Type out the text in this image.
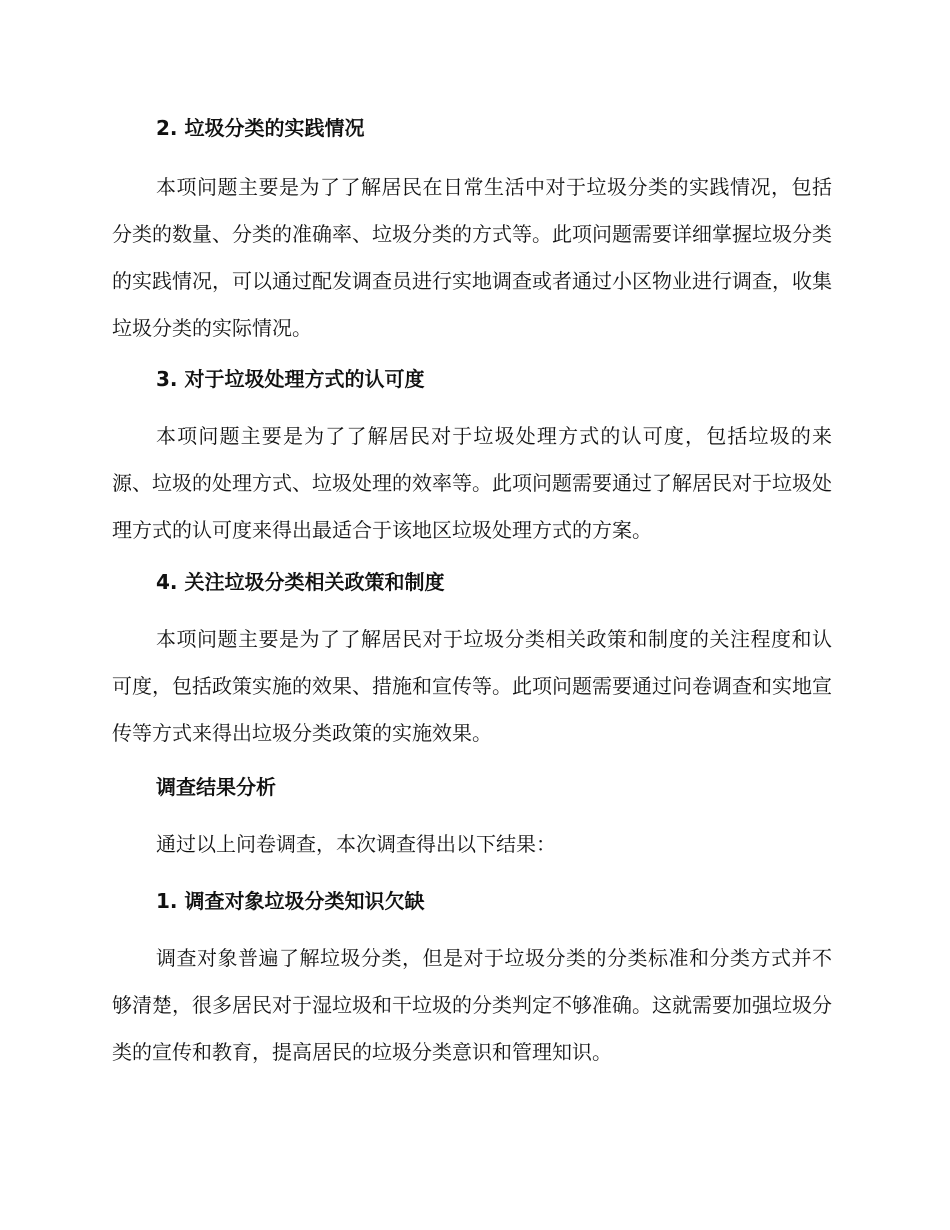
2. 垃圾分类的实践情况

本项问题主要是为了了解居民在日常生活中对于垃圾分类的实践情况，包括分类的数量、分类的准确率、垃圾分类的方式等。此项问题需要详细掌握垃圾分类的实践情况，可以通过配发调查员进行实地调查或者通过小区物业进行调查，收集垃圾分类的实际情况。

3. 对于垃圾处理方式的认可度

本项问题主要是为了了解居民对于垃圾处理方式的认可度，包括垃圾的来源、垃圾的处理方式、垃圾处理的效率等。此项问题需要通过了解居民对于垃圾处理方式的认可度来得出最适合于该地区垃圾处理方式的方案。

4. 关注垃圾分类相关政策和制度

本项问题主要是为了了解居民对于垃圾分类相关政策和制度的关注程度和认可度，包括政策实施的效果、措施和宣传等。此项问题需要通过问卷调查和实地宣传等方式来得出垃圾分类政策的实施效果。

调查结果分析
通过以上问卷调查，本次调查得出以下结果：
1. 调查对象垃圾分类知识欠缺

调查对象普遍了解垃圾分类，但是对于垃圾分类的分类标准和分类方式并不够清楚，很多居民对于湿垃圾和干垃圾的分类判定不够准确。这就需要加强垃圾分类的宣传和教育，提高居民的垃圾分类意识和管理知识。
